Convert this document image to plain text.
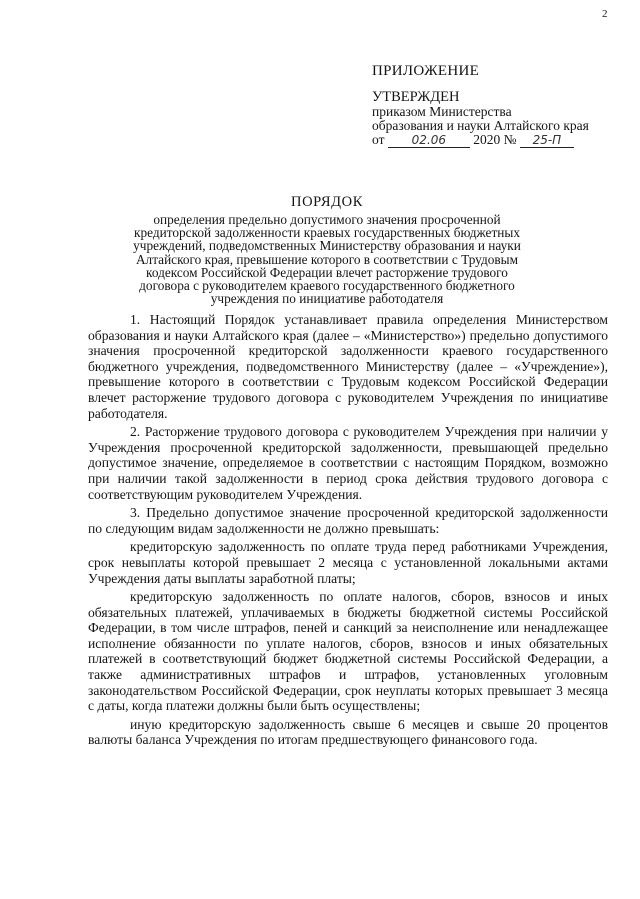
2
ПРИЛОЖЕНИЕ
УТВЕРЖДЕН
приказом Министерства
образования и науки Алтайского края
от 02.06 2020 № 25-П
ПОРЯДОК
определения предельно допустимого значения просроченной кредиторской задолженности краевых государственных бюджетных учреждений, подведомственных Министерству образования и науки Алтайского края, превышение которого в соответствии с Трудовым кодексом Российской Федерации влечет расторжение трудового договора с руководителем краевого государственного бюджетного учреждения по инициативе работодателя

1. Настоящий Порядок устанавливает правила определения Министерством образования и науки Алтайского края (далее – «Министерство») предельно допустимого значения просроченной кредиторской задолженности краевого государственного бюджетного учреждения, подведомственного Министерству (далее – «Учреждение»), превышение которого в соответствии с Трудовым кодексом Российской Федерации влечет расторжение трудового договора с руководителем Учреждения по инициативе работодателя.

2. Расторжение трудового договора с руководителем Учреждения при наличии у Учреждения просроченной кредиторской задолженности, превышающей предельно допустимое значение, определяемое в соответствии с настоящим Порядком, возможно при наличии такой задолженности в период срока действия трудового договора с соответствующим руководителем Учреждения.

3. Предельно допустимое значение просроченной кредиторской задолженности по следующим видам задолженности не должно превышать:

кредиторскую задолженность по оплате труда перед работниками Учреждения, срок невыплаты которой превышает 2 месяца с установленной локальными актами Учреждения даты выплаты заработной платы;

кредиторскую задолженность по оплате налогов, сборов, взносов и иных обязательных платежей, уплачиваемых в бюджеты бюджетной системы Российской Федерации, в том числе штрафов, пеней и санкций за неисполнение или ненадлежащее исполнение обязанности по уплате налогов, сборов, взносов и иных обязательных платежей в соответствующий бюджет бюджетной системы Российской Федерации, а также административных штрафов и штрафов, установленных уголовным законодательством Российской Федерации, срок неуплаты которых превышает 3 месяца с даты, когда платежи должны были быть осуществлены;

иную кредиторскую задолженность свыше 6 месяцев и свыше 20 процентов валюты баланса Учреждения по итогам предшествующего финансового года.
